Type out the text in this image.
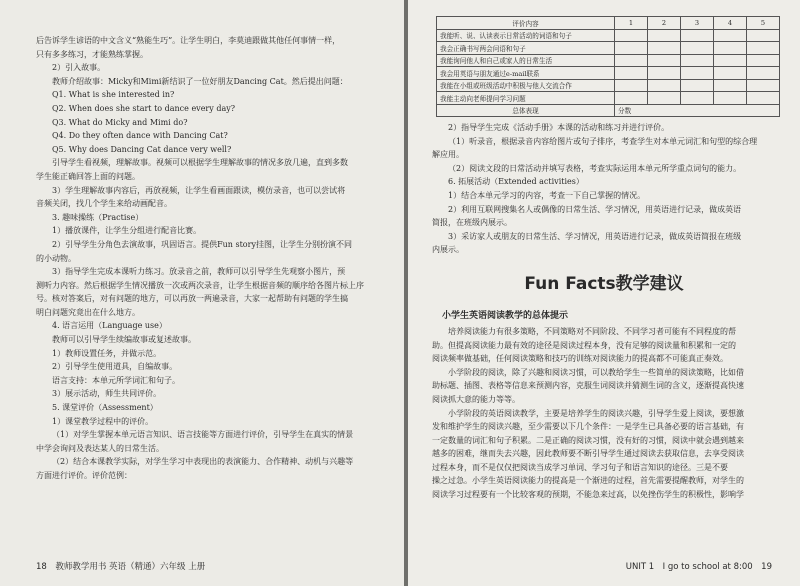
后告诉学生谚语的中文含义“熟能生巧”。让学生明白，李莫迪跟做其他任何事情一样，
只有多多练习，才能熟练掌握。
2）引入故事。
教师介绍故事：Micky和Mimi新结识了一位好朋友Dancing Cat。然后提出问题：
Q1. What is she interested in?
Q2. When does she start to dance every day?
Q3. What do Micky and Mimi do?
Q4. Do they often dance with Dancing Cat?
Q5. Why does Dancing Cat dance very well?
引导学生看视频，理解故事。视频可以根据学生理解故事的情况多放几遍，直到多数
学生能正确回答上面的问题。
3）学生理解故事内容后，再放视频，让学生看画面跟读，模仿录音，也可以尝试将
音频关闭，找几个学生来给动画配音。
3. 趣味操练（Practise）
1）播放课件，让学生分组进行配音比赛。
2）引导学生分角色去演故事，巩固语言。提供Fun story挂图，让学生分别扮演不同
的小动物。
3）指导学生完成本课听力练习。放录音之前，教师可以引导学生先观察小图片，预
测听力内容。然后根据学生情况播放一次或两次录音，让学生根据音频的顺序给各图片标上序
号。核对答案后，对有问题的地方，可以再放一两遍录音，大家一起帮助有问题的学生搞
明白问题究竟出在什么地方。
4. 语言运用（Language use）
教师可以引导学生续编故事或复述故事。
1）教师设置任务，并做示范。
2）引导学生使用道具，自编故事。
语言支持：本单元所学词汇和句子。
3）展示活动，师生共同评价。
5. 课堂评价（Assessment）
1）课堂教学过程中的评价。
（1）对学生掌握本单元语言知识、语言技能等方面进行评价，引导学生在真实的情景
中学会询问及表达某人的日常生活。
（2）结合本课教学实际，对学生学习中表现出的表演能力、合作精神、动机与兴趣等
方面进行评价。评价范例：
18　教师教学用书 英语（精通）六年级 上册
评价内容	1	2	3	4	5
我能听、说、认读表示日常活动的词语和句子					
我会正确书写两会问语和句子					
我能询问他人和自己或家人的日常生活					
我会用英语与朋友通过e-mail联系					
我能在小组或班级活动中积极与他人交流合作					
我能主动向老师提问学习问题					
总体表现	分数				
2）指导学生完成《活动手册》本课的活动和练习并进行评价。
（1）听录音，根据录音内容给图片或句子排序，考查学生对本单元词汇和句型的综合理
解应用。
（2）阅读文段的日常活动并填写表格，考查实际运用本单元所学重点词句的能力。
6. 拓展活动（Extended activities）
1）结合本单元学习的内容，考查一下自己掌握的情况。
2）利用互联网搜集名人或偶像的日常生活、学习情况，用英语进行记录，做成英语
简报，在班级内展示。
3）采访家人或朋友的日常生活、学习情况，用英语进行记录，做成英语简报在班级
内展示。
Fun Facts教学建议
小学生英语阅读教学的总体提示
培养阅读能力有很多策略，不同策略对不同阶段、不同学习者可能有不同程度的帮
助。但提高阅读能力最有效的途径是阅读过程本身，没有足够的阅读量和积累和一定的
阅读频率做基础，任何阅读策略和技巧的训练对阅读能力的提高都不可能真正奏效。
小学阶段的阅读，除了兴趣和阅读习惯，可以教给学生一些简单的阅读策略，比如借
助标题、插图、表格等信息来预测内容，克服生词阅读并猜测生词的含义，逐渐提高快速
阅读抓大意的能力等等。
小学阶段的英语阅读教学，主要是培养学生的阅读兴趣，引导学生爱上阅读，要想激
发和维护学生的阅读兴趣，至少需要以下几个条件：一是学生已具备必要的语言基础，有
一定数量的词汇和句子积累。二是正确的阅读习惯，没有好的习惯，阅读中就会遇到越来
越多的困难，继而失去兴趣，因此教师要不断引导学生通过阅读去获取信息，去享受阅读
过程本身，而不是仅仅把阅读当成学习单词、学习句子和语言知识的途径。三是不要
操之过急。小学生英语阅读能力的提高是一个渐进的过程，首先需要提醒教师，对学生的
阅读学习过程要有一个比较客观的预期，不能急来过高，以免挫伤学生的积极性，影响学
UNIT 1　I go to school at 8:00　19
